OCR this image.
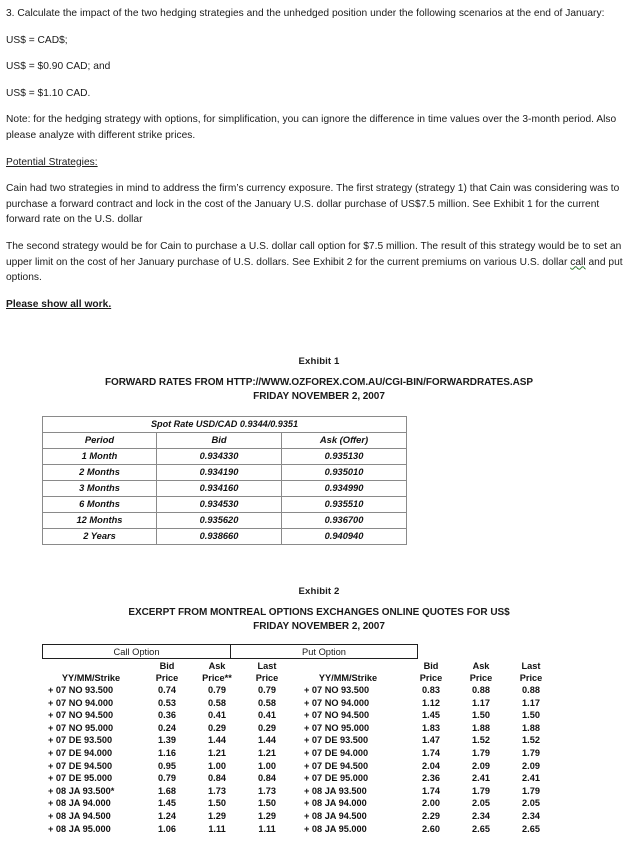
3. Calculate the impact of the two hedging strategies and the unhedged position under the following scenarios at the end of January:

US$ = CAD$;

US$ = $0.90 CAD; and

US$ = $1.10 CAD.

Note: for the hedging strategy with options, for simplification, you can ignore the difference in time values over the 3-month period. Also please analyze with different strike prices.

Potential Strategies:

Cain had two strategies in mind to address the firm’s currency exposure. The first strategy (strategy 1) that Cain was considering was to purchase a forward contract and lock in the cost of the January U.S. dollar purchase of US$7.5 million. See Exhibit 1 for the current forward rate on the U.S. dollar

The second strategy would be for Cain to purchase a U.S. dollar call option for $7.5 million. The result of this strategy would be to set an upper limit on the cost of her January purchase of U.S. dollars. See Exhibit 2 for the current premiums on various U.S. dollar call and put options.

Please show all work.

Exhibit 1

FORWARD RATES FROM HTTP://WWW.OZFOREX.COM.AU/CGI-BIN/FORWARDRATES.ASP

FRIDAY NOVEMBER 2, 2007

Spot Rate USD/CAD 0.9344/0.9351		
Period	Bid	Ask (Offer)
1 Month	0.934330	0.935130
2 Months	0.934190	0.935010
3 Months	0.934160	0.934990
6 Months	0.934530	0.935510
12 Months	0.935620	0.936700
2 Years	0.938660	0.940940

Exhibit 2

EXCERPT FROM MONTREAL OPTIONS EXCHANGES ONLINE QUOTES FOR US$

FRIDAY NOVEMBER 2, 2007

Call Option	Put Option
	Bid	Ask	Last		Bid	Ask	Last
YY/MM/Strike	Price	Price**	Price	YY/MM/Strike	Price	Price	Price
+ 07 NO 93.500	0.74	0.79	0.79	+ 07 NO 93.500	0.83	0.88	0.88
+ 07 NO 94.000	0.53	0.58	0.58	+ 07 NO 94.000	1.12	1.17	1.17
+ 07 NO 94.500	0.36	0.41	0.41	+ 07 NO 94.500	1.45	1.50	1.50
+ 07 NO 95.000	0.24	0.29	0.29	+ 07 NO 95.000	1.83	1.88	1.88
+ 07 DE 93.500	1.39	1.44	1.44	+ 07 DE 93.500	1.47	1.52	1.52
+ 07 DE 94.000	1.16	1.21	1.21	+ 07 DE 94.000	1.74	1.79	1.79
+ 07 DE 94.500	0.95	1.00	1.00	+ 07 DE 94.500	2.04	2.09	2.09
+ 07 DE 95.000	0.79	0.84	0.84	+ 07 DE 95.000	2.36	2.41	2.41
+ 08 JA 93.500*	1.68	1.73	1.73	+ 08 JA 93.500	1.74	1.79	1.79
+ 08 JA 94.000	1.45	1.50	1.50	+ 08 JA 94.000	2.00	2.05	2.05
+ 08 JA 94.500	1.24	1.29	1.29	+ 08 JA 94.500	2.29	2.34	2.34
+ 08 JA 95.000	1.06	1.11	1.11	+ 08 JA 95.000	2.60	2.65	2.65
